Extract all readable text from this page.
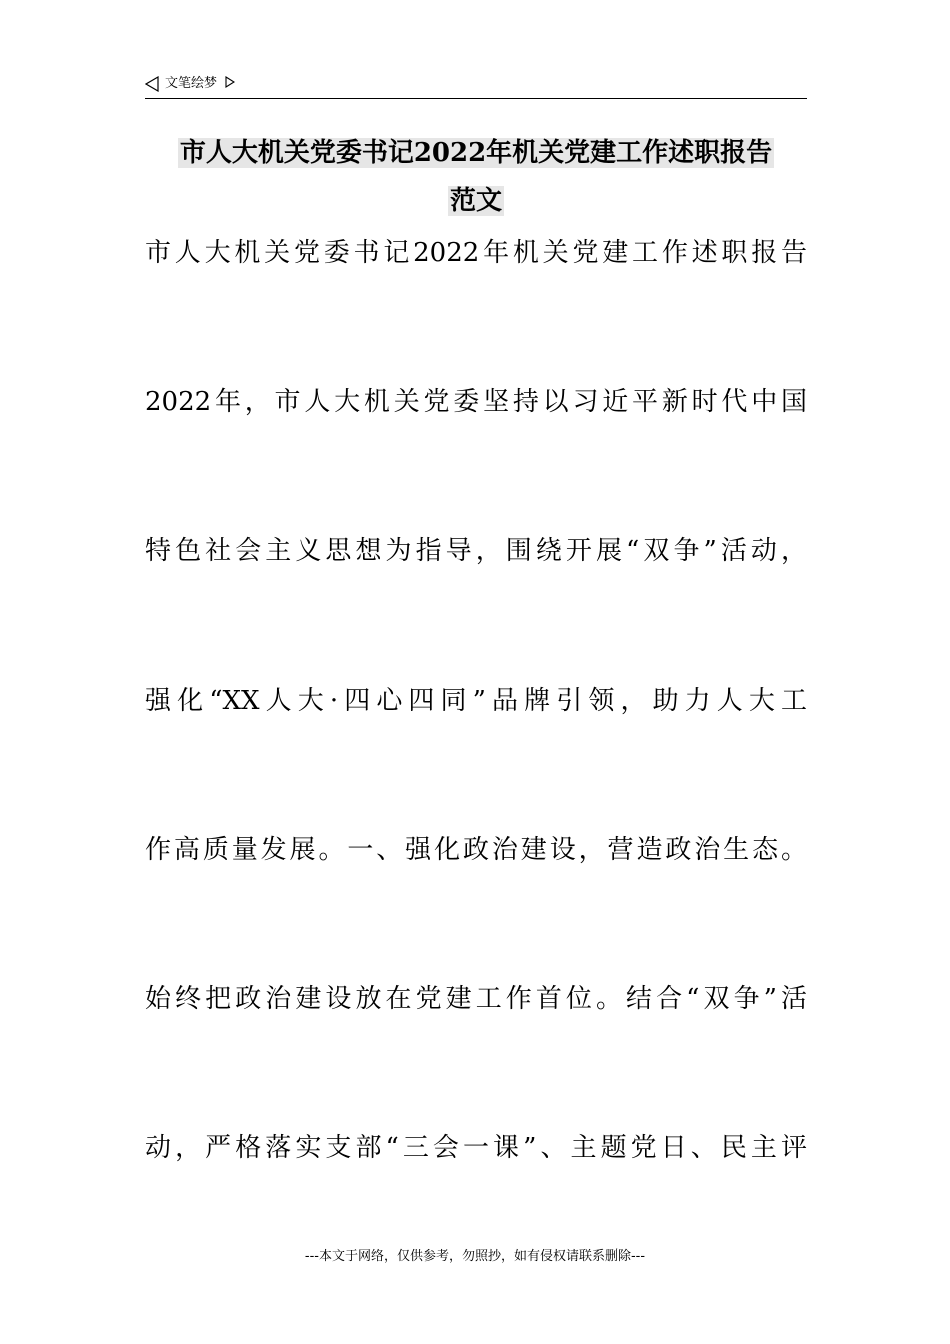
文笔绘梦
市人大机关党委书记2022年机关党建工作述职报告
范文
市人大机关党委书记2022年机关党建工作述职报告
2022年，市人大机关党委坚持以习近平新时代中国
特色社会主义思想为指导，围绕开展“双争”活动，
强化“XX人大·四心四同”品牌引领，助力人大工
作高质量发展。一、强化政治建设，营造政治生态。
始终把政治建设放在党建工作首位。结合“双争”活
动，严格落实支部“三会一课”、主题党日、民主评
---本文于网络，仅供参考，勿照抄，如有侵权请联系删除---
